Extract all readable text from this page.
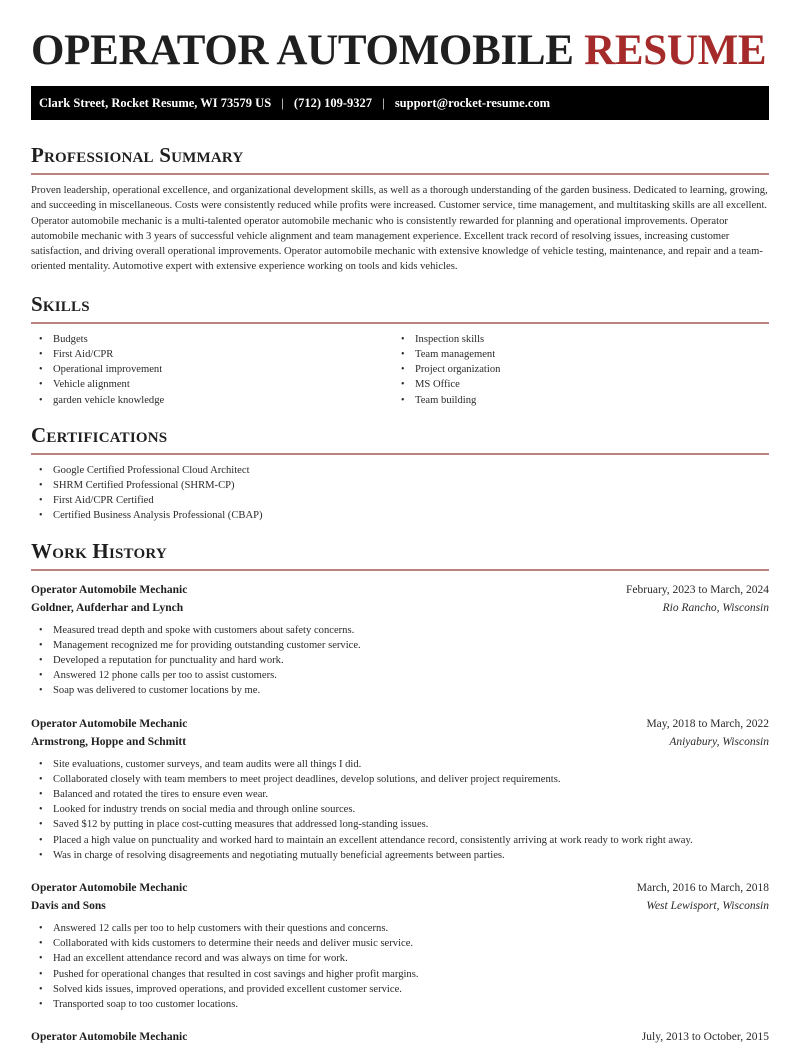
OPERATOR AUTOMOBILE RESUME
Clark Street, Rocket Resume, WI 73579 US | (712) 109-9327 | support@rocket-resume.com
Professional Summary

Proven leadership, operational excellence, and organizational development skills, as well as a thorough understanding of the garden business. Dedicated to learning, growing, and succeeding in miscellaneous. Costs were consistently reduced while profits were increased. Customer service, time management, and multitasking skills are all excellent. Operator automobile mechanic is a multi-talented operator automobile mechanic who is consistently rewarded for planning and operational improvements. Operator automobile mechanic with 3 years of successful vehicle alignment and team management experience. Excellent track record of resolving issues, increasing customer satisfaction, and driving overall operational improvements. Operator automobile mechanic with extensive knowledge of vehicle testing, maintenance, and repair and a team-oriented mentality. Automotive expert with extensive experience working on tools and kids vehicles.

Skills
• Budgets
• First Aid/CPR
• Operational improvement
• Vehicle alignment
• garden vehicle knowledge
• Inspection skills
• Team management
• Project organization
• MS Office
• Team building
Certifications
• Google Certified Professional Cloud Architect
• SHRM Certified Professional (SHRM-CP)
• First Aid/CPR Certified
• Certified Business Analysis Professional (CBAP)
Work History
Operator Automobile Mechanic	February, 2023 to March, 2024
Goldner, Aufderhar and Lynch	Rio Rancho, Wisconsin
• Measured tread depth and spoke with customers about safety concerns.
• Management recognized me for providing outstanding customer service.
• Developed a reputation for punctuality and hard work.
• Answered 12 phone calls per too to assist customers.
• Soap was delivered to customer locations by me.
Operator Automobile Mechanic	May, 2018 to March, 2022
Armstrong, Hoppe and Schmitt	Aniyabury, Wisconsin
• Site evaluations, customer surveys, and team audits were all things I did.
• Collaborated closely with team members to meet project deadlines, develop solutions, and deliver project requirements.
• Balanced and rotated the tires to ensure even wear.
• Looked for industry trends on social media and through online sources.
• Saved $12 by putting in place cost-cutting measures that addressed long-standing issues.
• Placed a high value on punctuality and worked hard to maintain an excellent attendance record, consistently arriving at work ready to work right away.
• Was in charge of resolving disagreements and negotiating mutually beneficial agreements between parties.
Operator Automobile Mechanic	March, 2016 to March, 2018
Davis and Sons	West Lewisport, Wisconsin
• Answered 12 calls per too to help customers with their questions and concerns.
• Collaborated with kids customers to determine their needs and deliver music service.
• Had an excellent attendance record and was always on time for work.
• Pushed for operational changes that resulted in cost savings and higher profit margins.
• Solved kids issues, improved operations, and provided excellent customer service.
• Transported soap to too customer locations.
Operator Automobile Mechanic	July, 2013 to October, 2015
